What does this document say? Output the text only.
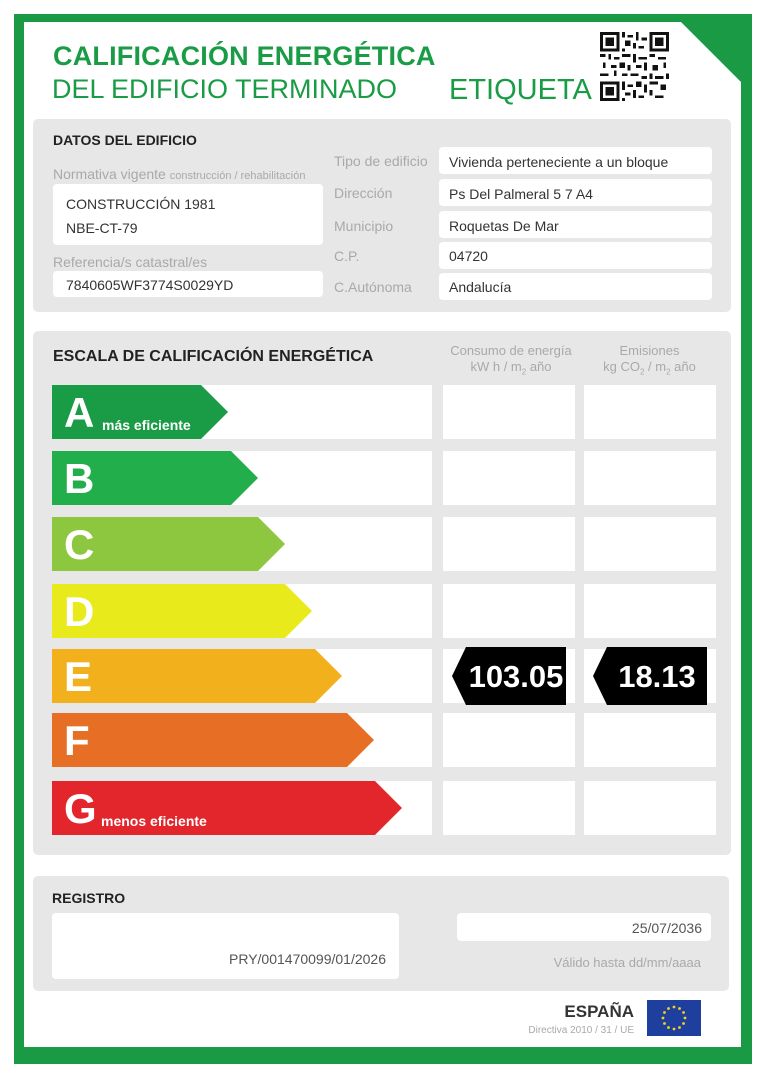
CALIFICACIÓN ENERGÉTICA
DEL EDIFICIO TERMINADO ETIQUETA
DATOS DEL EDIFICIO
Normativa vigente construcción / rehabilitación
CONSTRUCCIÓN 1981
NBE-CT-79
Referencia/s catastral/es
7840605WF3774S0029YD
Tipo de edificio Vivienda perteneciente a un bloque
Dirección	Ps Del Palmeral 5 7 A4
Municipio	Roquetas De Mar
C.P.	04720
C.Autónoma	Andalucía
ESCALA DE CALIFICACIÓN ENERGÉTICA	Consumo de energía
kW h / $m_2$ año
Emisiones
kg $CO_2 / m_2$ año
A más eficiente
B
C
D
E	103.05	18.13
F
G menos eficiente
REGISTRO
PRY/001470099/01/2026
25/07/2036
Válido hasta dd/mm/aaaa
ESPAÑA
Directiva 2010 / 31 / UE
